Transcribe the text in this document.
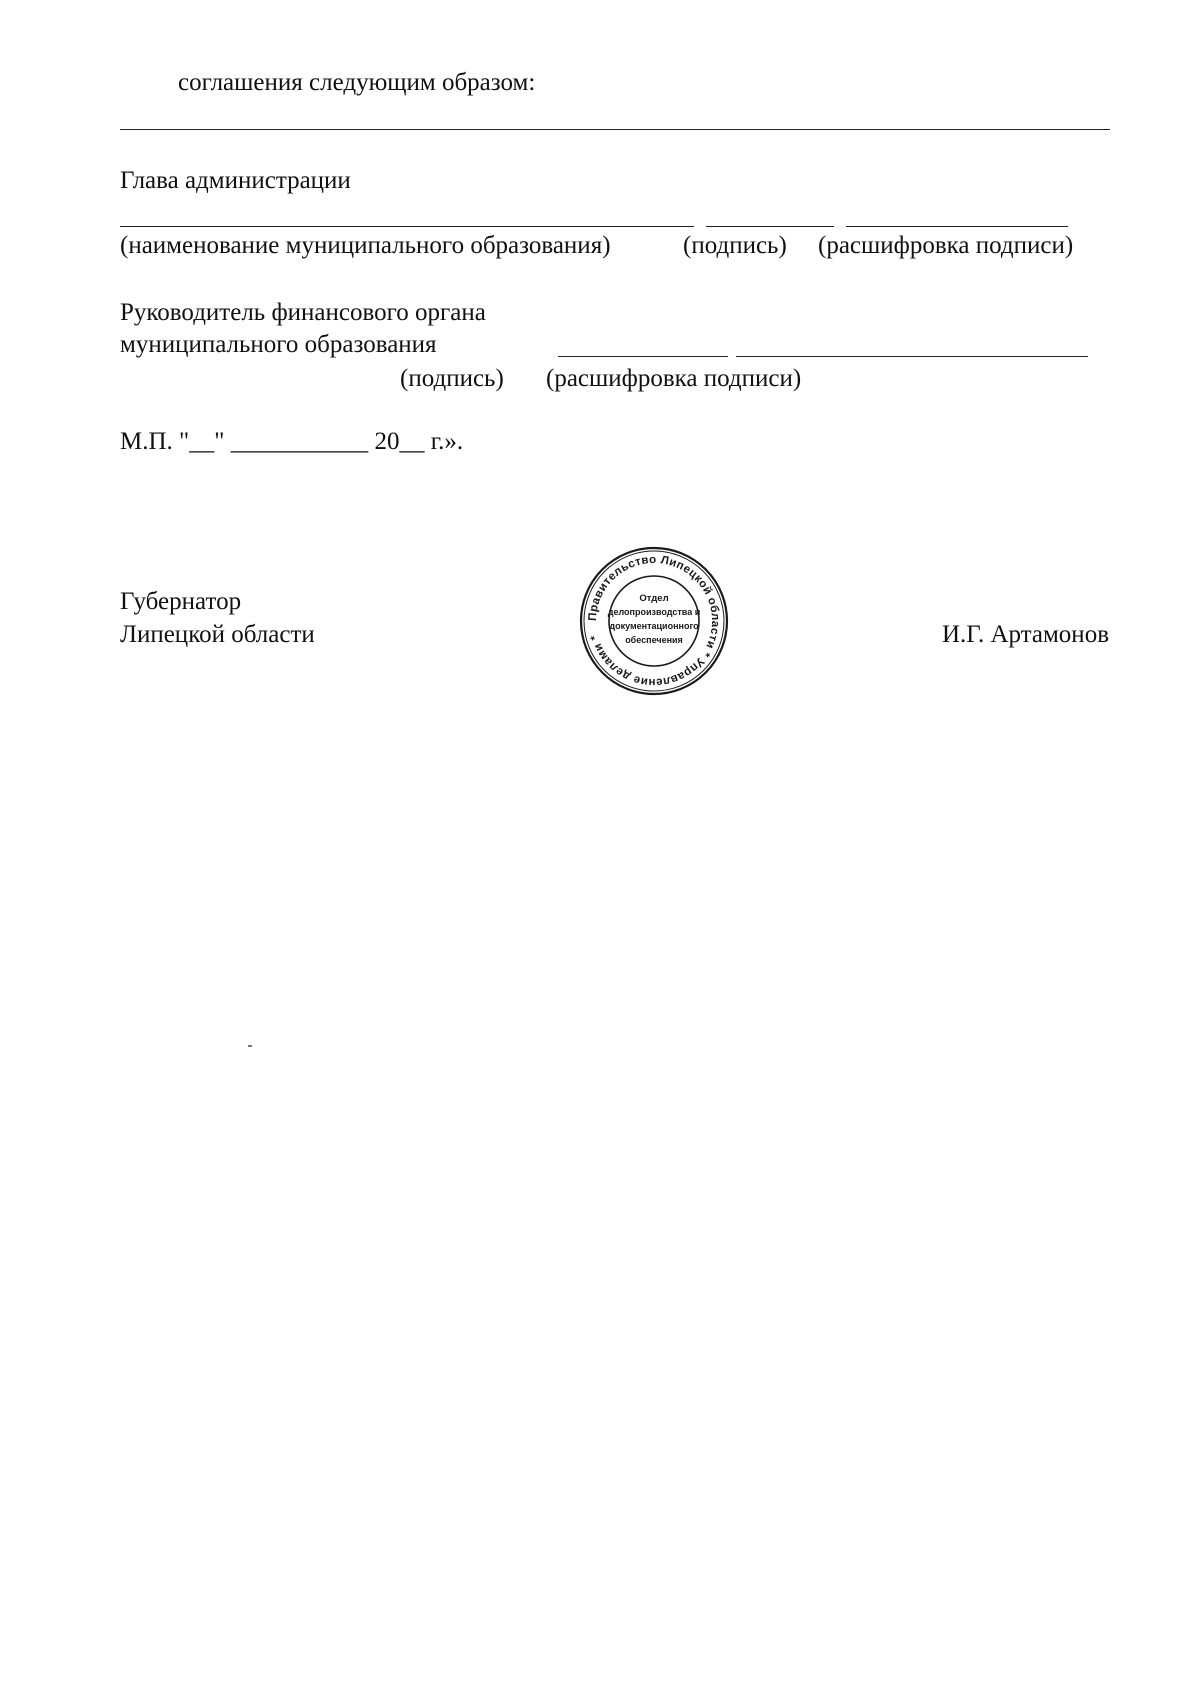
соглашения следующим образом:
Глава администрации
(наименование муниципального образования)	(подпись) (расшифровка подписи)
Руководитель финансового органа
муниципального образования
(подпись) (расшифровка подписи)
М.П. "__" ___________ 20__ г.».
Губернатор
Липецкой области	И.Г. Артамонов
Правительство Липецкой области * Управление делами *
Отдел
делопроизводства и
документационного
обеспечения
